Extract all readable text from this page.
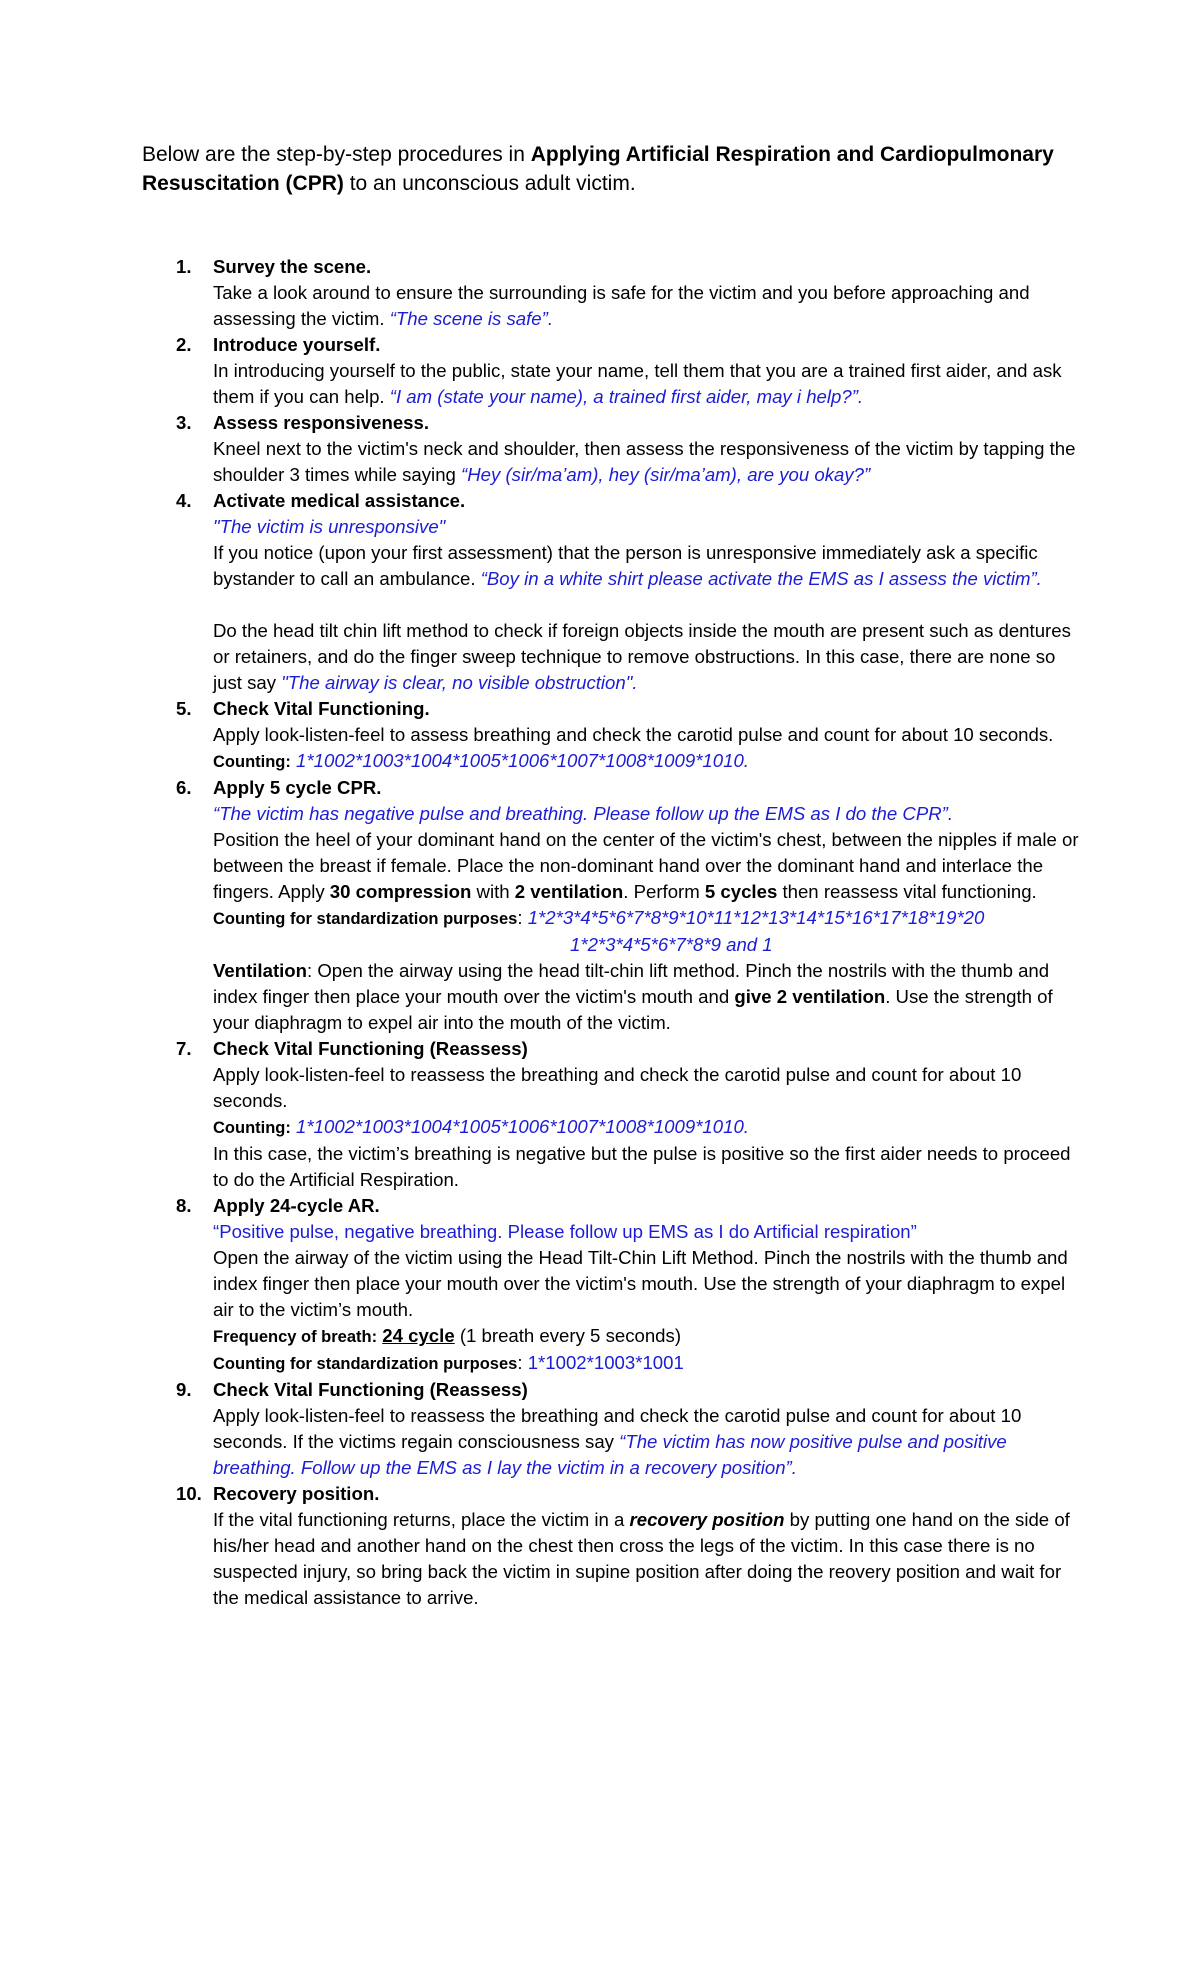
Below are the step-by-step procedures in Applying Artificial Respiration and Cardiopulmonary Resuscitation (CPR) to an unconscious adult victim.

1. Survey the scene.
Take a look around to ensure the surrounding is safe for the victim and you before approaching and assessing the victim. “The scene is safe”.
2. Introduce yourself.
In introducing yourself to the public, state your name, tell them that you are a trained first aider, and ask them if you can help. “I am (state your name), a trained first aider, may i help?”.
3. Assess responsiveness.
Kneel next to the victim's neck and shoulder, then assess the responsiveness of the victim by tapping the shoulder 3 times while saying “Hey (sir/ma’am), hey (sir/ma’am), are you okay?”
4. Activate medical assistance.
"The victim is unresponsive"
If you notice (upon your first assessment) that the person is unresponsive immediately ask a specific bystander to call an ambulance. “Boy in a white shirt please activate the EMS as I assess the victim”.
Do the head tilt chin lift method to check if foreign objects inside the mouth are present such as dentures or retainers, and do the finger sweep technique to remove obstructions. In this case, there are none so just say "The airway is clear, no visible obstruction".
5. Check Vital Functioning.
Apply look-listen-feel to assess breathing and check the carotid pulse and count for about 10 seconds.
Counting: 1*1002*1003*1004*1005*1006*1007*1008*1009*1010.
6. Apply 5 cycle CPR.
“The victim has negative pulse and breathing. Please follow up the EMS as I do the CPR”.
Position the heel of your dominant hand on the center of the victim's chest, between the nipples if male or between the breast if female. Place the non-dominant hand over the dominant hand and interlace the fingers. Apply 30 compression with 2 ventilation. Perform 5 cycles then reassess vital functioning.
Counting for standardization purposes: 1*2*3*4*5*6*7*8*9*10*11*12*13*14*15*16*17*18*19*20
1*2*3*4*5*6*7*8*9 and 1
Ventilation: Open the airway using the head tilt-chin lift method. Pinch the nostrils with the thumb and index finger then place your mouth over the victim's mouth and give 2 ventilation. Use the strength of your diaphragm to expel air into the mouth of the victim.
7. Check Vital Functioning (Reassess)
Apply look-listen-feel to reassess the breathing and check the carotid pulse and count for about 10 seconds.
Counting: 1*1002*1003*1004*1005*1006*1007*1008*1009*1010.
In this case, the victim’s breathing is negative but the pulse is positive so the first aider needs to proceed to do the Artificial Respiration.
8. Apply 24-cycle AR.
“Positive pulse, negative breathing. Please follow up EMS as I do Artificial respiration”
Open the airway of the victim using the Head Tilt-Chin Lift Method. Pinch the nostrils with the thumb and index finger then place your mouth over the victim's mouth. Use the strength of your diaphragm to expel air to the victim’s mouth.
Frequency of breath: 24 cycle (1 breath every 5 seconds)
Counting for standardization purposes: 1*1002*1003*1001
9. Check Vital Functioning (Reassess)
Apply look-listen-feel to reassess the breathing and check the carotid pulse and count for about 10 seconds. If the victims regain consciousness say “The victim has now positive pulse and positive breathing. Follow up the EMS as I lay the victim in a recovery position”.
10. Recovery position.
If the vital functioning returns, place the victim in a recovery position by putting one hand on the side of his/her head and another hand on the chest then cross the legs of the victim. In this case there is no suspected injury, so bring back the victim in supine position after doing the reovery position and wait for the medical assistance to arrive.
